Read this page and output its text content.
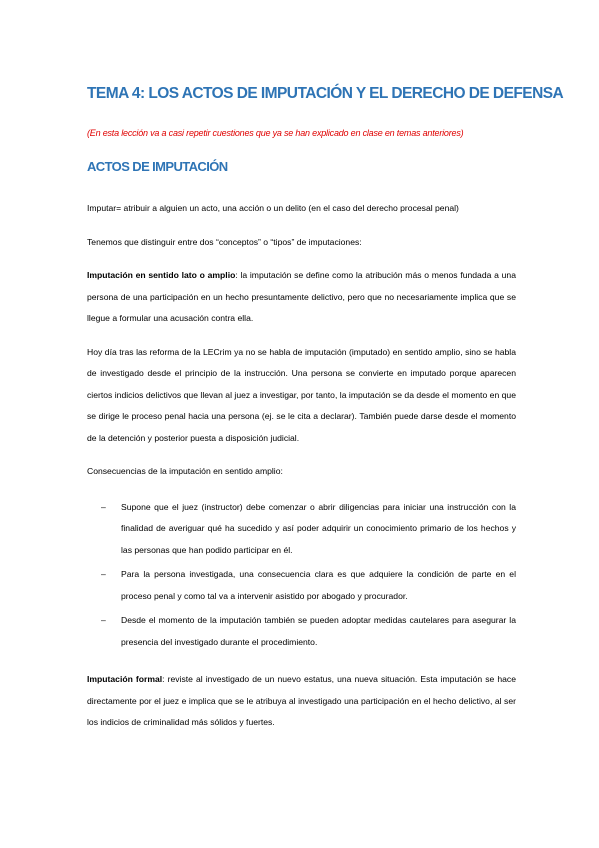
TEMA 4: LOS ACTOS DE IMPUTACIÓN Y EL DERECHO DE DEFENSA
(En esta lección va a casi repetir cuestiones que ya se han explicado en clase en temas anteriores)
ACTOS DE IMPUTACIÓN

Imputar= atribuir a alguien un acto, una acción o un delito (en el caso del derecho procesal penal)

Tenemos que distinguir entre dos “conceptos” o “tipos” de imputaciones:

Imputación en sentido lato o amplio: la imputación se define como la atribución más o menos fundada a una persona de una participación en un hecho presuntamente delictivo, pero que no necesariamente implica que se llegue a formular una acusación contra ella.

Hoy día tras las reforma de la LECrim ya no se habla de imputación (imputado) en sentido amplio, sino se habla de investigado desde el principio de la instrucción. Una persona se convierte en imputado porque aparecen ciertos indicios delictivos que llevan al juez a investigar, por tanto, la imputación se da desde el momento en que se dirige le proceso penal hacia una persona (ej. se le cita a declarar). También puede darse desde el momento de la detención y posterior puesta a disposición judicial.

Consecuencias de la imputación en sentido amplio:

– Supone que el juez (instructor) debe comenzar o abrir diligencias para iniciar una instrucción con la finalidad de averiguar qué ha sucedido y así poder adquirir un conocimiento primario de los hechos y las personas que han podido participar en él.
– Para la persona investigada, una consecuencia clara es que adquiere la condición de parte en el proceso penal y como tal va a intervenir asistido por abogado y procurador.
– Desde el momento de la imputación también se pueden adoptar medidas cautelares para asegurar la presencia del investigado durante el procedimiento.

Imputación formal: reviste al investigado de un nuevo estatus, una nueva situación. Esta imputación se hace directamente por el juez e implica que se le atribuya al investigado una participación en el hecho delictivo, al ser los indicios de criminalidad más sólidos y fuertes.
